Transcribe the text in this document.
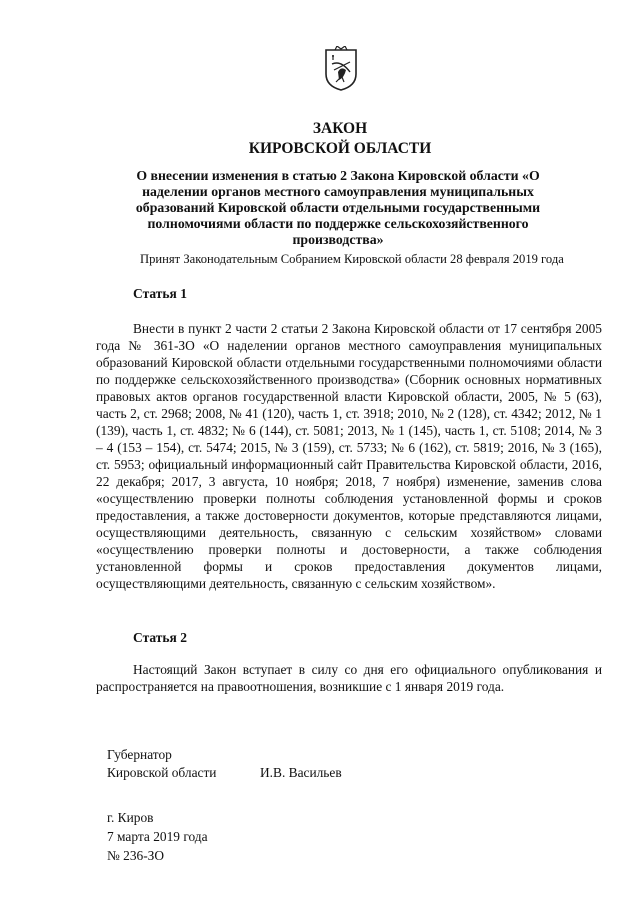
ЗАКОН
КИРОВСКОЙ ОБЛАСТИ
О внесении изменения в статью 2 Закона Кировской области «О наделении органов местного самоуправления муниципальных образований Кировской области отдельными государственными полномочиями области по поддержке сельскохозяйственного производства»
Принят Законодательным Собранием Кировской области 28 февраля 2019 года
Статья 1

Внести в пункт 2 части 2 статьи 2 Закона Кировской области от 17 сентября 2005 года № 361-ЗО «О наделении органов местного самоуправления муниципальных образований Кировской области отдельными государственными полномочиями области по поддержке сельскохозяйственного производства» (Сборник основных нормативных правовых актов органов государственной власти Кировской области, 2005, № 5 (63), часть 2, ст. 2968; 2008, № 41 (120), часть 1, ст. 3918; 2010, № 2 (128), ст. 4342; 2012, № 1 (139), часть 1, ст. 4832; № 6 (144), ст. 5081; 2013, № 1 (145), часть 1, ст. 5108; 2014, № 3 – 4 (153 – 154), ст. 5474; 2015, № 3 (159), ст. 5733; № 6 (162), ст. 5819; 2016, № 3 (165), ст. 5953; официальный информационный сайт Правительства Кировской области, 2016, 22 декабря; 2017, 3 августа, 10 ноября; 2018, 7 ноября) изменение, заменив слова «осуществлению проверки полноты соблюдения установленной формы и сроков предоставления, а также достоверности документов, которые представляются лицами, осуществляющими деятельность, связанную с сельским хозяйством» словами «осуществлению проверки полноты и достоверности, а также соблюдения установленной формы и сроков предоставления документов лицами, осуществляющими деятельность, связанную с сельским хозяйством».

Статья 2

Настоящий Закон вступает в силу со дня его официального опубликования и распространяется на правоотношения, возникшие с 1 января 2019 года.

Губернатор
Кировской области	И.В. Васильев
г. Киров
7 марта 2019 года
№ 236-ЗО
